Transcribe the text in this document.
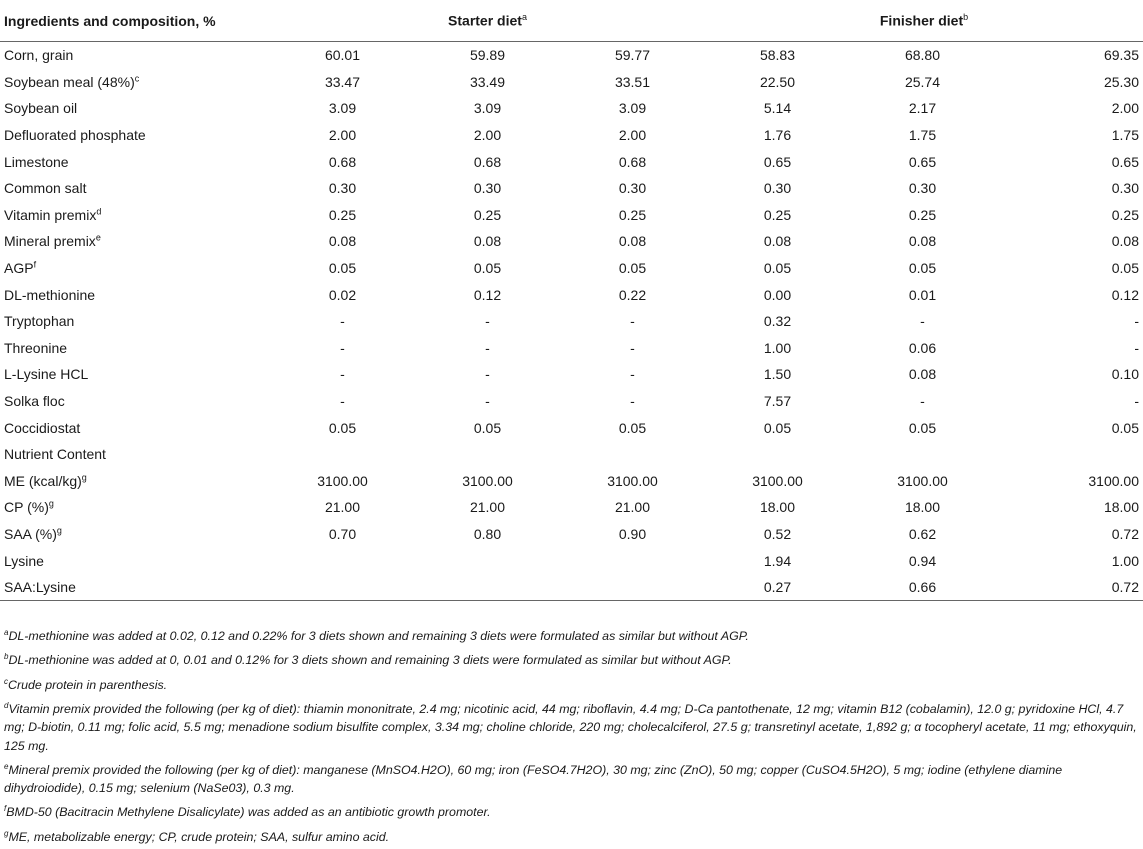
Ingredients and composition, %	Starter diet$^a$			Finisher diet$^b$
Corn, grain	60.01	59.89	59.77	58.83	68.80	69.35
Soybean meal (48%)$^c$	33.47	33.49	33.51	22.50	25.74	25.30
Soybean oil	3.09	3.09	3.09	5.14	2.17	2.00
Defluorated phosphate	2.00	2.00	2.00	1.76	1.75	1.75
Limestone	0.68	0.68	0.68	0.65	0.65	0.65
Common salt	0.30	0.30	0.30	0.30	0.30	0.30
Vitamin premix$^d$	0.25	0.25	0.25	0.25	0.25	0.25
Mineral premix$^e$	0.08	0.08	0.08	0.08	0.08	0.08
AGP$^f$	0.05	0.05	0.05	0.05	0.05	0.05
DL-methionine	0.02	0.12	0.22	0.00	0.01	0.12
Tryptophan	-	-	-	0.32	-	-
Threonine	-	-	-	1.00	0.06	-
L-Lysine HCL	-	-	-	1.50	0.08	0.10
Solka floc	-	-	-	7.57	-	-
Coccidiostat	0.05	0.05	0.05	0.05	0.05	0.05
Nutrient Content						
ME (kcal/kg)$^g$	3100.00	3100.00	3100.00	3100.00	3100.00	3100.00
CP (%)$^g$	21.00	21.00	21.00	18.00	18.00	18.00
SAA (%)$^g$	0.70	0.80	0.90	0.52	0.62	0.72
Lysine				1.94	0.94	1.00
SAA:Lysine				0.27	0.66	0.72

$^a$DL-methionine was added at 0.02, 0.12 and 0.22% for 3 diets shown and remaining 3 diets were formulated as similar but without AGP.

$^b$DL-methionine was added at 0, 0.01 and 0.12% for 3 diets shown and remaining 3 diets were formulated as similar but without AGP.

$^c$Crude protein in parenthesis.

$^d$Vitamin premix provided the following (per kg of diet): thiamin mononitrate, 2.4 mg; nicotinic acid, 44 mg; riboflavin, 4.4 mg; D-Ca pantothenate, 12 mg; vitamin B12 (cobalamin), 12.0 g; pyridoxine HCl, 4.7 mg; D-biotin, 0.11 mg; folic acid, 5.5 mg; menadione sodium bisulfite complex, 3.34 mg; choline chloride, 220 mg; cholecalciferol, 27.5 g; transretinyl acetate, 1,892 g; α tocopheryl acetate, 11 mg; ethoxyquin, 125 mg.

$^e$Mineral premix provided the following (per kg of diet): manganese (MnSO4.H2O), 60 mg; iron (FeSO4.7H2O), 30 mg; zinc (ZnO), 50 mg; copper (CuSO4.5H2O), 5 mg; iodine (ethylene diamine dihydroiodide), 0.15 mg; selenium (NaSe03), 0.3 mg.

$^f$BMD-50 (Bacitracin Methylene Disalicylate) was added as an antibiotic growth promoter.

$^g$ME, metabolizable energy; CP, crude protein; SAA, sulfur amino acid.
